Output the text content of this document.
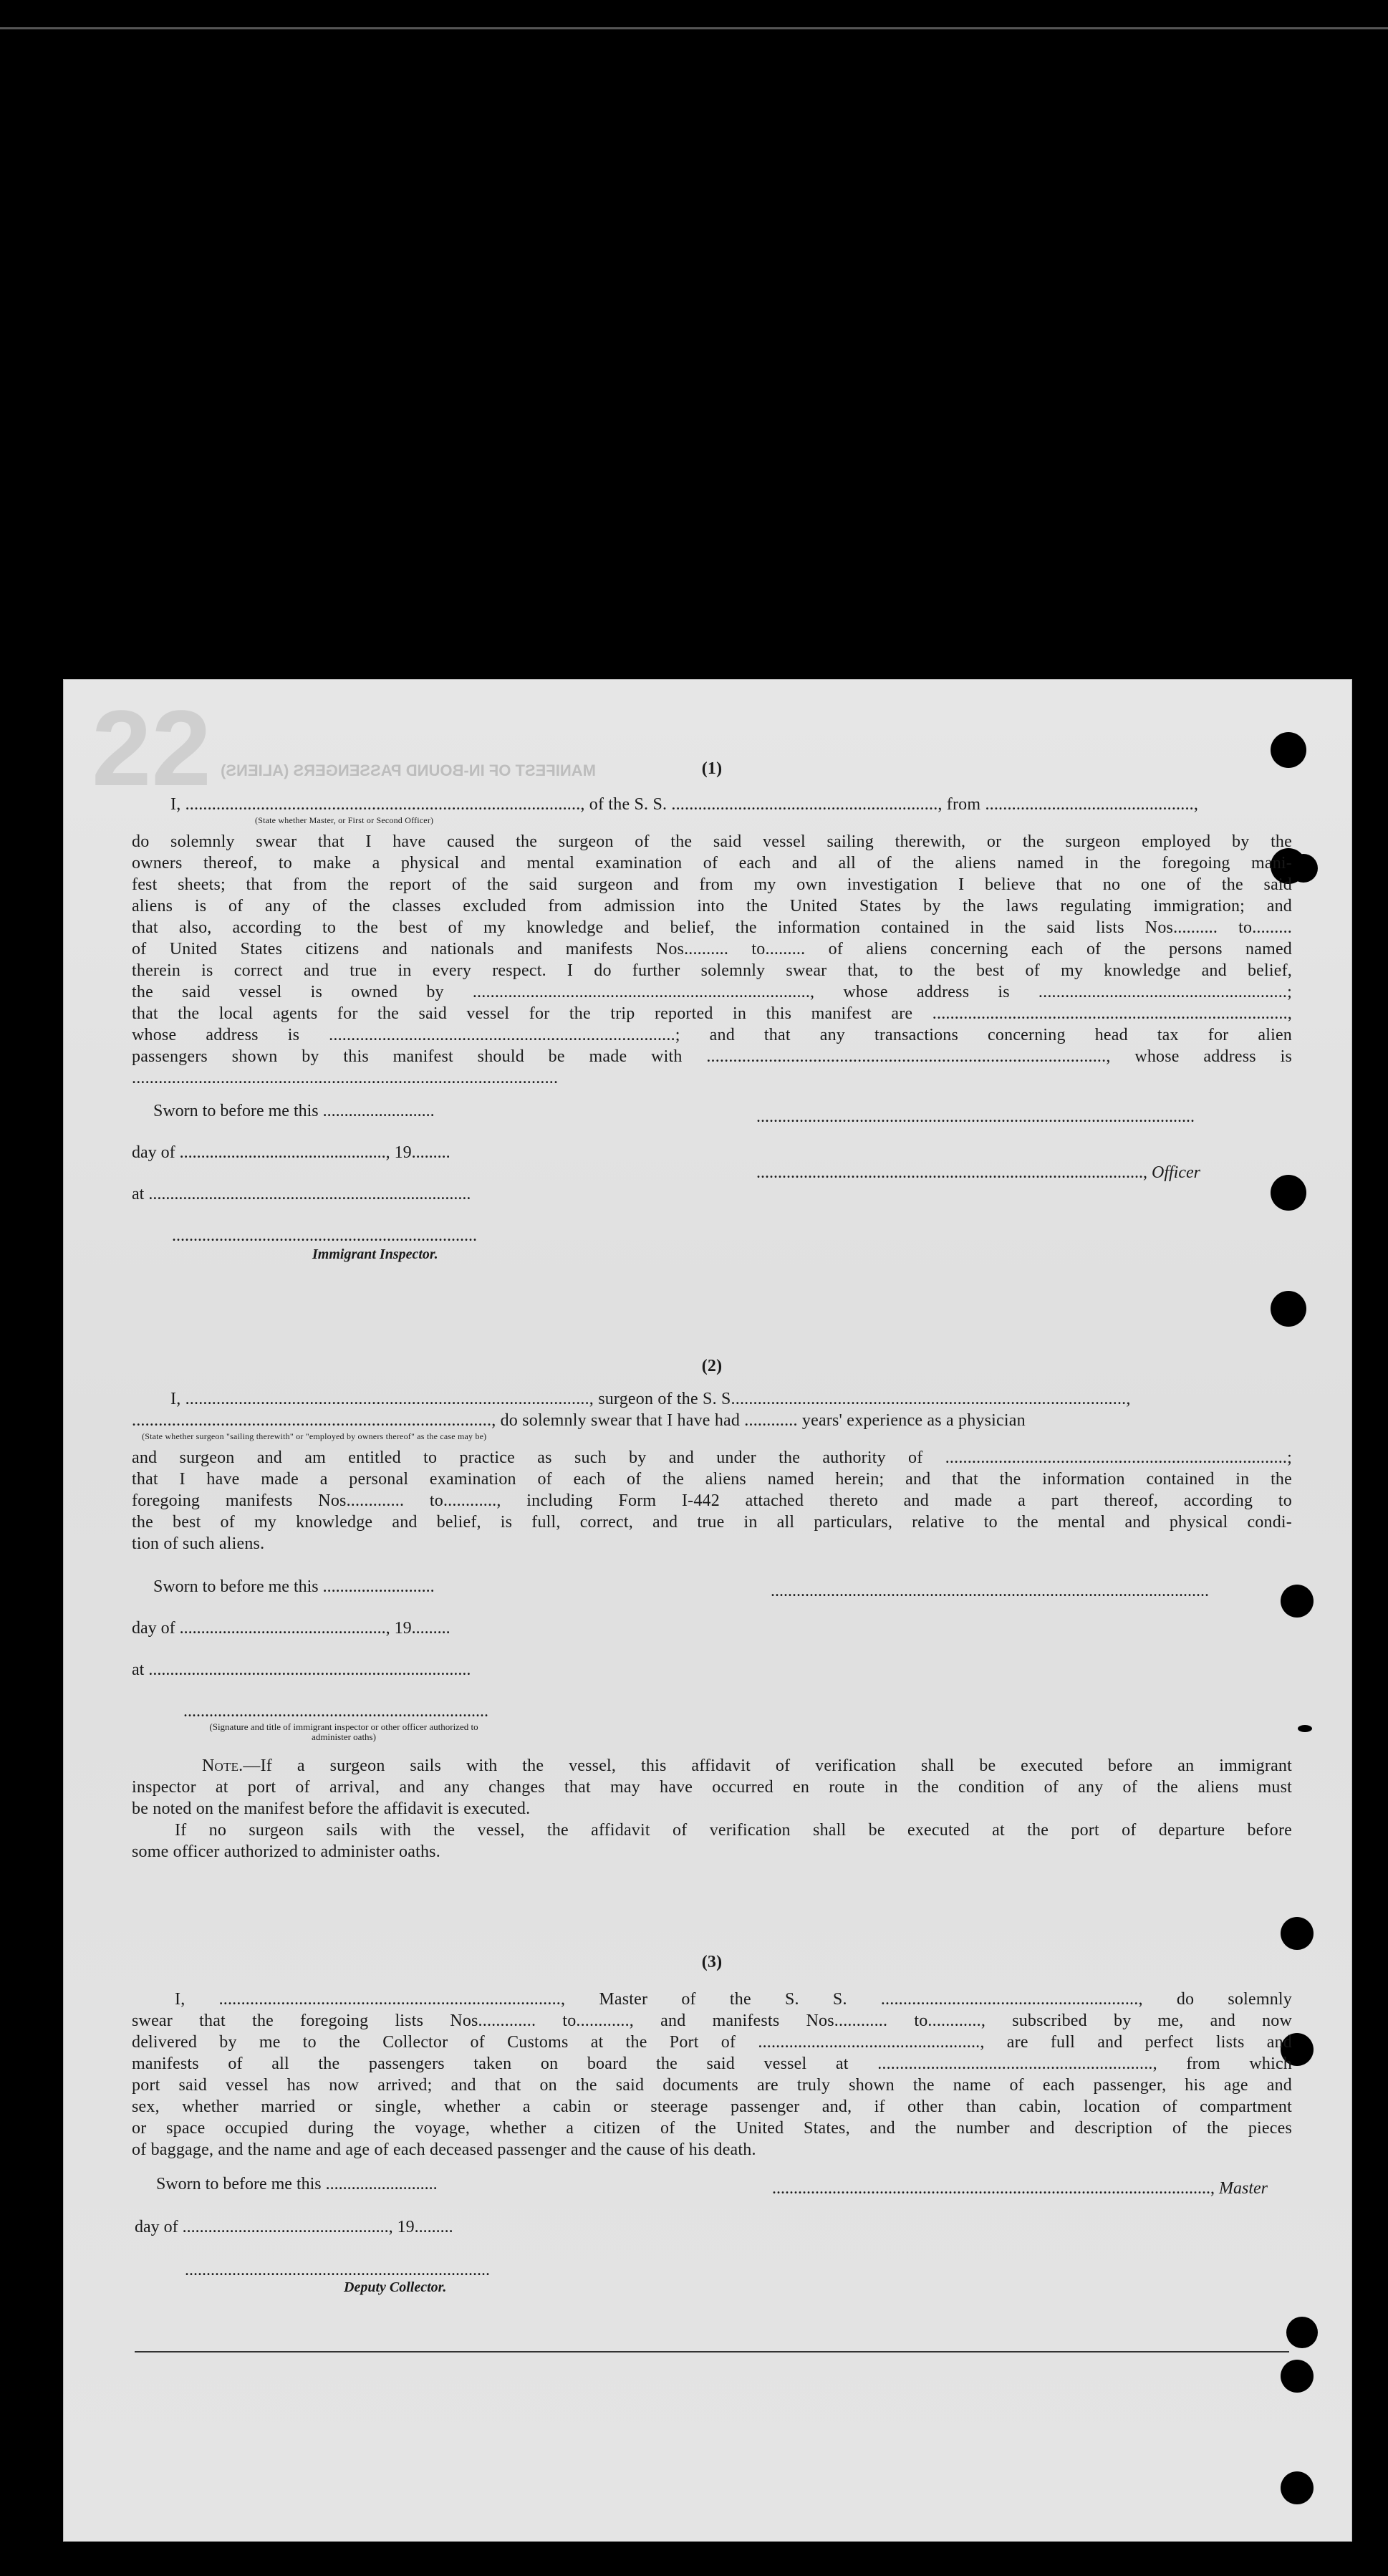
22 MANIFEST OF IN-BOUND PASSENGERS (ALIENS)	(1)
I, ........................................................................................., of the S. S. ............................................................, from ...............................................,
(State whether Master, or First or Second Officer)
do solemnly swear that I have caused the surgeon of the said vessel sailing therewith, or the surgeon employed by the
owners thereof, to make a physical and mental examination of each and all of the aliens named in the foregoing mani-
fest sheets; that from the report of the said surgeon and from my own investigation I believe that no one of the said
aliens is of any of the classes excluded from admission into the United States by the laws regulating immigration; and
that also, according to the best of my knowledge and belief, the information contained in the said lists Nos.......... to.........
of United States citizens and nationals and manifests Nos.......... to......... of aliens concerning each of the persons named
therein is correct and true in every respect. I do further solemnly swear that, to the best of my knowledge and belief,
the said vessel is owned by ............................................................................, whose address is ........................................................;
that the local agents for the said vessel for the trip reported in this manifest are ................................................................................,
whose address is ..............................................................................; and that any transactions concerning head tax for alien
passengers shown by this manifest should be made with .........................................................................................., whose address is
................................................................................................
Sworn to before me this ..........................
day of ................................................, 19.........
at ...........................................................................
.......................................................................
Immigrant Inspector.
......................................................................................................
.........................................................................................., Officer
(2)
I, ..........................................................................................., surgeon of the S. S.........................................................................................,
................................................................................., do solemnly swear that I have had ............ years' experience as a physician
(State whether surgeon "sailing therewith" or "employed by owners thereof" as the case may be)
and surgeon and am entitled to practice as such by and under the authority of .............................................................................;
that I have made a personal examination of each of the aliens named herein; and that the information contained in the
foregoing manifests Nos............. to............, including Form I-442 attached thereto and made a part thereof, according to
the best of my knowledge and belief, is full, correct, and true in all particulars, relative to the mental and physical condi-
tion of such aliens.
Sworn to before me this ..........................
day of ................................................, 19.........
at ...........................................................................
.......................................................................
(Signature and title of immigrant inspector or other officer authorized to administer oaths)
......................................................................................................
Note.—If a surgeon sails with the vessel, this affidavit of verification shall be executed before an immigrant
inspector at port of arrival, and any changes that may have occurred en route in the condition of any of the aliens must
be noted on the manifest before the affidavit is executed.
If no surgeon sails with the vessel, the affidavit of verification shall be executed at the port of departure before
some officer authorized to administer oaths.
(3)
I, ............................................................................., Master of the S. S. .........................................................., do solemnly
swear that the foregoing lists Nos............. to............, and manifests Nos............ to............, subscribed by me, and now
delivered by me to the Collector of Customs at the Port of .................................................., are full and perfect lists and
manifests of all the passengers taken on board the said vessel at .............................................................., from which
port said vessel has now arrived; and that on the said documents are truly shown the name of each passenger, his age and
sex, whether married or single, whether a cabin or steerage passenger and, if other than cabin, location of compartment
or space occupied during the voyage, whether a citizen of the United States, and the number and description of the pieces
of baggage, and the name and age of each deceased passenger and the cause of his death.
Sworn to before me this ..........................
day of ................................................, 19.........
.......................................................................
Deputy Collector.
......................................................................................................, Master
